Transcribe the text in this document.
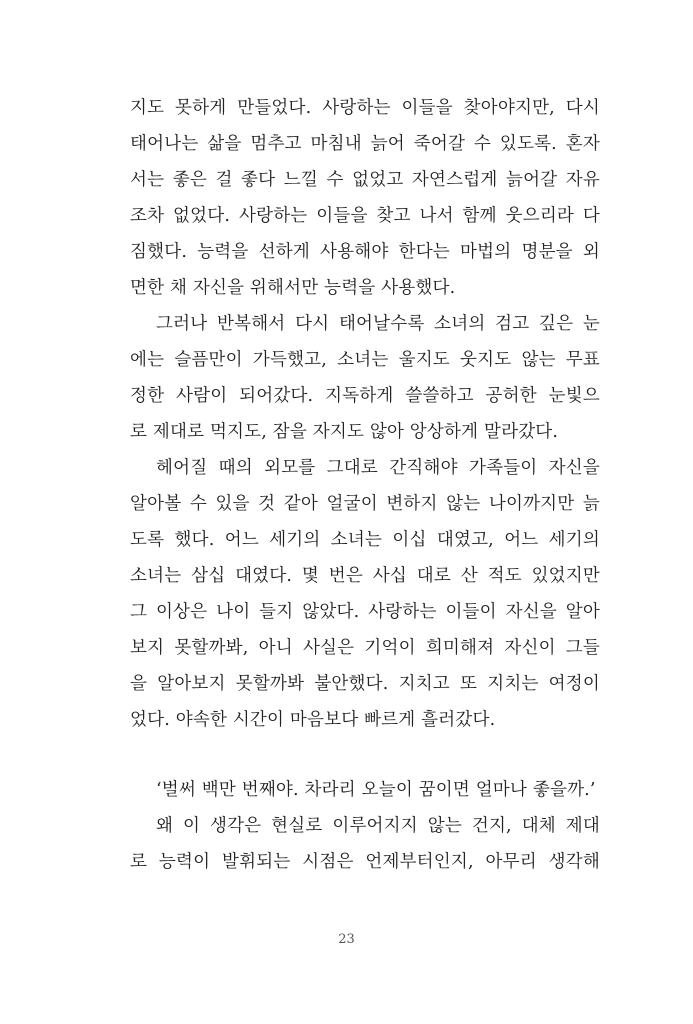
지도 못하게 만들었다. 사랑하는 이들을 찾아야지만, 다시
태어나는 삶을 멈추고 마침내 늙어 죽어갈 수 있도록. 혼자
서는 좋은 걸 좋다 느낄 수 없었고 자연스럽게 늙어갈 자유
조차 없었다. 사랑하는 이들을 찾고 나서 함께 웃으리라 다
짐했다. 능력을 선하게 사용해야 한다는 마법의 명분을 외
면한 채 자신을 위해서만 능력을 사용했다.
그러나 반복해서 다시 태어날수록 소녀의 검고 깊은 눈
에는 슬픔만이 가득했고, 소녀는 울지도 웃지도 않는 무표
정한 사람이 되어갔다. 지독하게 쓸쓸하고 공허한 눈빛으
로 제대로 먹지도, 잠을 자지도 않아 앙상하게 말라갔다.
헤어질 때의 외모를 그대로 간직해야 가족들이 자신을
알아볼 수 있을 것 같아 얼굴이 변하지 않는 나이까지만 늙
도록 했다. 어느 세기의 소녀는 이십 대였고, 어느 세기의
소녀는 삼십 대였다. 몇 번은 사십 대로 산 적도 있었지만
그 이상은 나이 들지 않았다. 사랑하는 이들이 자신을 알아
보지 못할까봐, 아니 사실은 기억이 희미해져 자신이 그들
을 알아보지 못할까봐 불안했다. 지치고 또 지치는 여정이
었다. 야속한 시간이 마음보다 빠르게 흘러갔다.
‘벌써 백만 번째야. 차라리 오늘이 꿈이면 얼마나 좋을까.’
왜 이 생각은 현실로 이루어지지 않는 건지, 대체 제대
로 능력이 발휘되는 시점은 언제부터인지, 아무리 생각해
23
